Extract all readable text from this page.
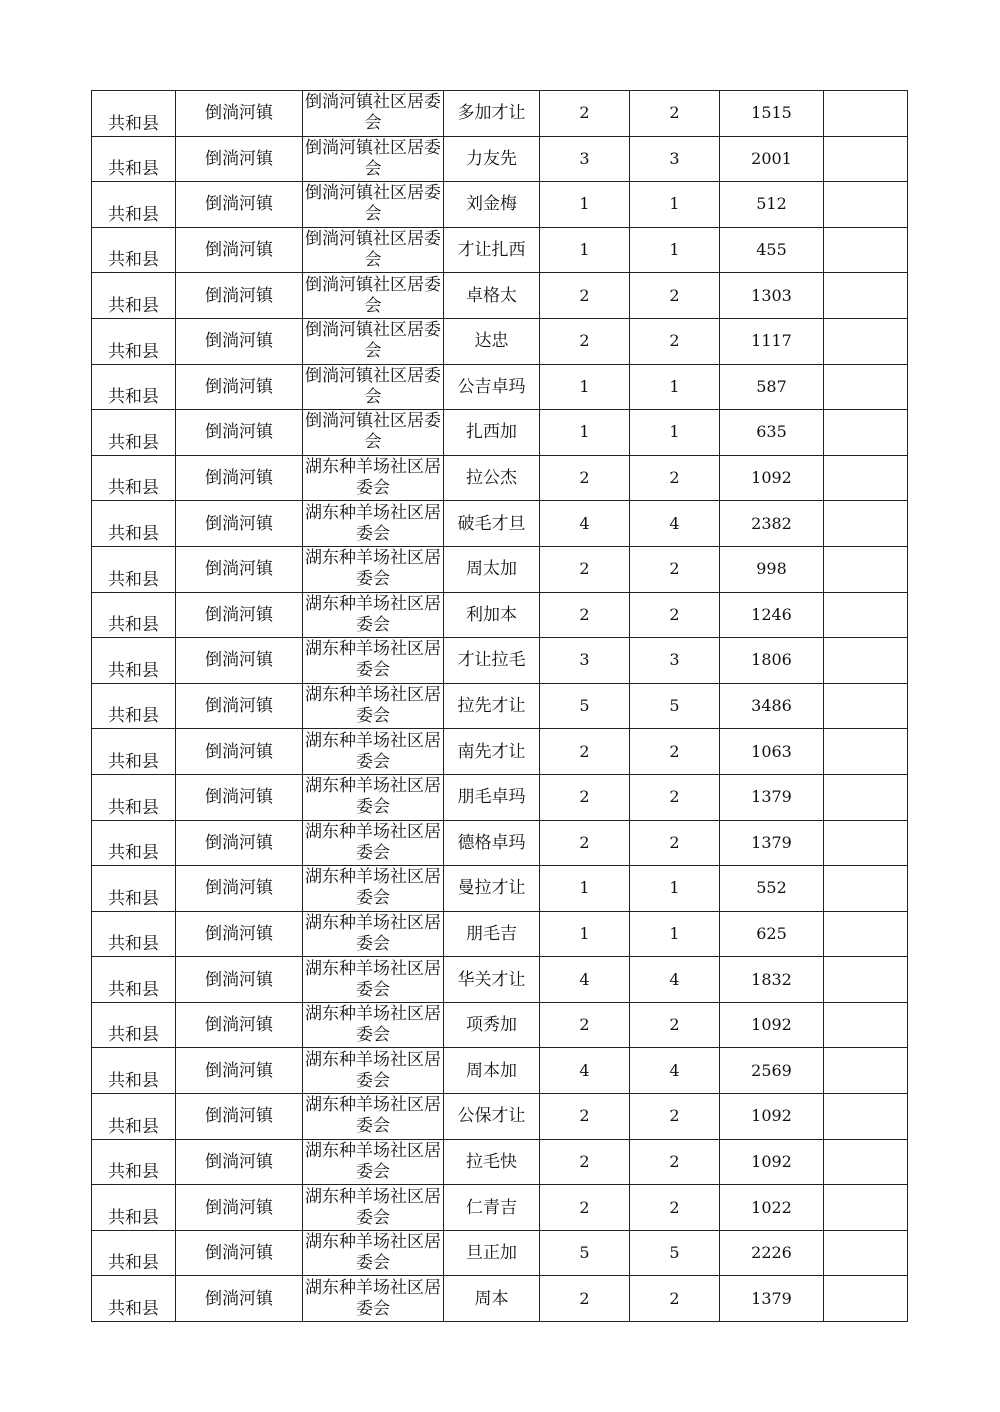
共和县	倒淌河镇	倒淌河镇社区居委会	多加才让	2	2	1515	
共和县	倒淌河镇	倒淌河镇社区居委会	力友先	3	3	2001	
共和县	倒淌河镇	倒淌河镇社区居委会	刘金梅	1	1	512	
共和县	倒淌河镇	倒淌河镇社区居委会	才让扎西	1	1	455	
共和县	倒淌河镇	倒淌河镇社区居委会	卓格太	2	2	1303	
共和县	倒淌河镇	倒淌河镇社区居委会	达忠	2	2	1117	
共和县	倒淌河镇	倒淌河镇社区居委会	公吉卓玛	1	1	587	
共和县	倒淌河镇	倒淌河镇社区居委会	扎西加	1	1	635	
共和县	倒淌河镇	湖东种羊场社区居委会	拉公杰	2	2	1092	
共和县	倒淌河镇	湖东种羊场社区居委会	破毛才旦	4	4	2382	
共和县	倒淌河镇	湖东种羊场社区居委会	周太加	2	2	998	
共和县	倒淌河镇	湖东种羊场社区居委会	利加本	2	2	1246	
共和县	倒淌河镇	湖东种羊场社区居委会	才让拉毛	3	3	1806	
共和县	倒淌河镇	湖东种羊场社区居委会	拉先才让	5	5	3486	
共和县	倒淌河镇	湖东种羊场社区居委会	南先才让	2	2	1063	
共和县	倒淌河镇	湖东种羊场社区居委会	朋毛卓玛	2	2	1379	
共和县	倒淌河镇	湖东种羊场社区居委会	德格卓玛	2	2	1379	
共和县	倒淌河镇	湖东种羊场社区居委会	曼拉才让	1	1	552	
共和县	倒淌河镇	湖东种羊场社区居委会	朋毛吉	1	1	625	
共和县	倒淌河镇	湖东种羊场社区居委会	华关才让	4	4	1832	
共和县	倒淌河镇	湖东种羊场社区居委会	项秀加	2	2	1092	
共和县	倒淌河镇	湖东种羊场社区居委会	周本加	4	4	2569	
共和县	倒淌河镇	湖东种羊场社区居委会	公保才让	2	2	1092	
共和县	倒淌河镇	湖东种羊场社区居委会	拉毛快	2	2	1092	
共和县	倒淌河镇	湖东种羊场社区居委会	仁青吉	2	2	1022	
共和县	倒淌河镇	湖东种羊场社区居委会	旦正加	5	5	2226	
共和县	倒淌河镇	湖东种羊场社区居委会	周本	2	2	1379	
